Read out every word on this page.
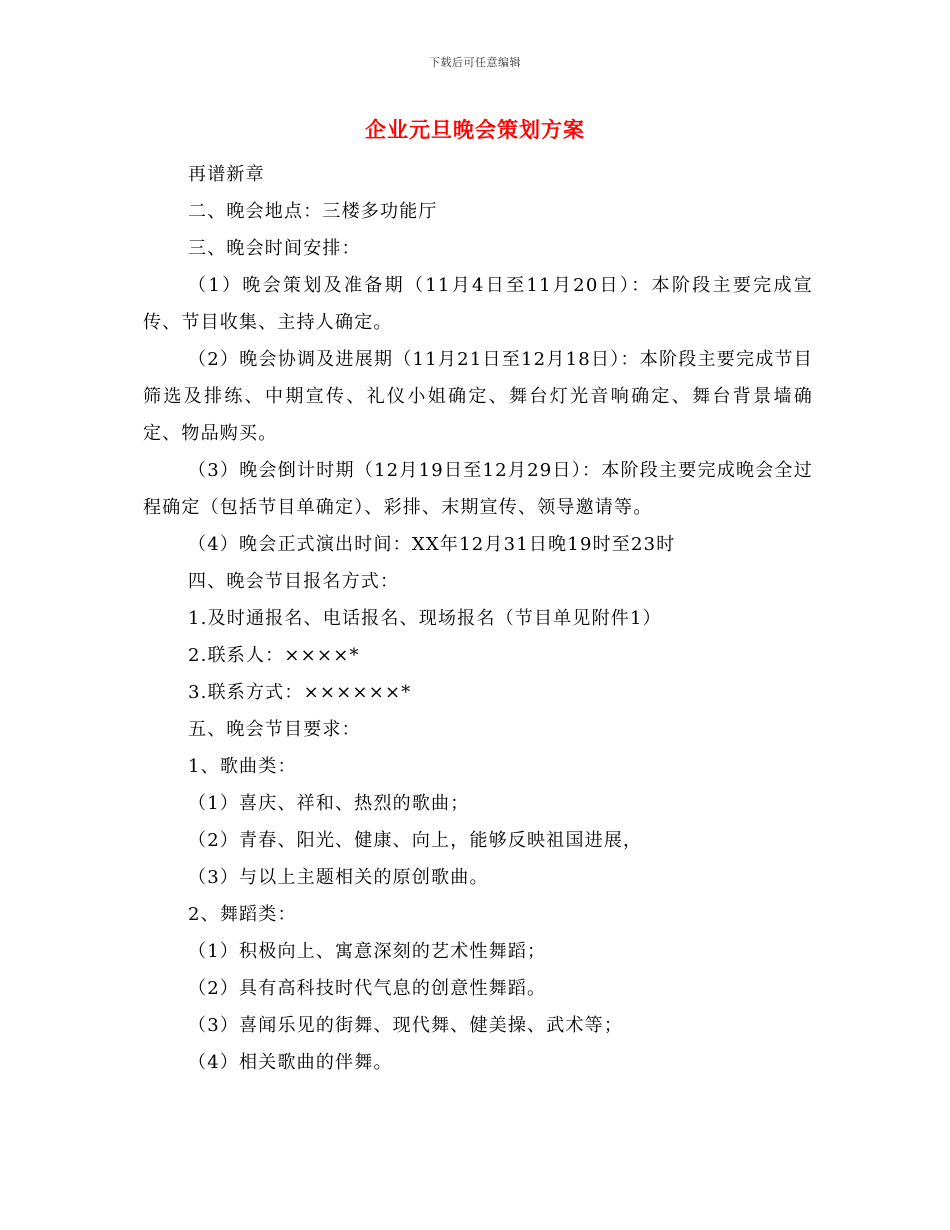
下载后可任意编辑
企业元旦晚会策划方案

再谱新章

二、晚会地点：三楼多功能厅

三、晚会时间安排：

（1）晚会策划及准备期（11月4日至11月20日）：本阶段主要完成宣传、节目收集、主持人确定。

（2）晚会协调及进展期（11月21日至12月18日）：本阶段主要完成节目筛选及排练、中期宣传、礼仪小姐确定、舞台灯光音响确定、舞台背景墙确定、物品购买。

（3）晚会倒计时期（12月19日至12月29日）：本阶段主要完成晚会全过程确定（包括节目单确定）、彩排、末期宣传、领导邀请等。

（4）晚会正式演出时间：XX年12月31日晚19时至23时

四、晚会节目报名方式：

1.及时通报名、电话报名、现场报名（节目单见附件1）

2.联系人：××××*

3.联系方式：××××××*

五、晚会节目要求：

1、歌曲类：

（1）喜庆、祥和、热烈的歌曲；

（2）青春、阳光、健康、向上，能够反映祖国进展，

（3）与以上主题相关的原创歌曲。

2、舞蹈类：

（1）积极向上、寓意深刻的艺术性舞蹈；

（2）具有高科技时代气息的创意性舞蹈。

（3）喜闻乐见的街舞、现代舞、健美操、武术等；

（4）相关歌曲的伴舞。
